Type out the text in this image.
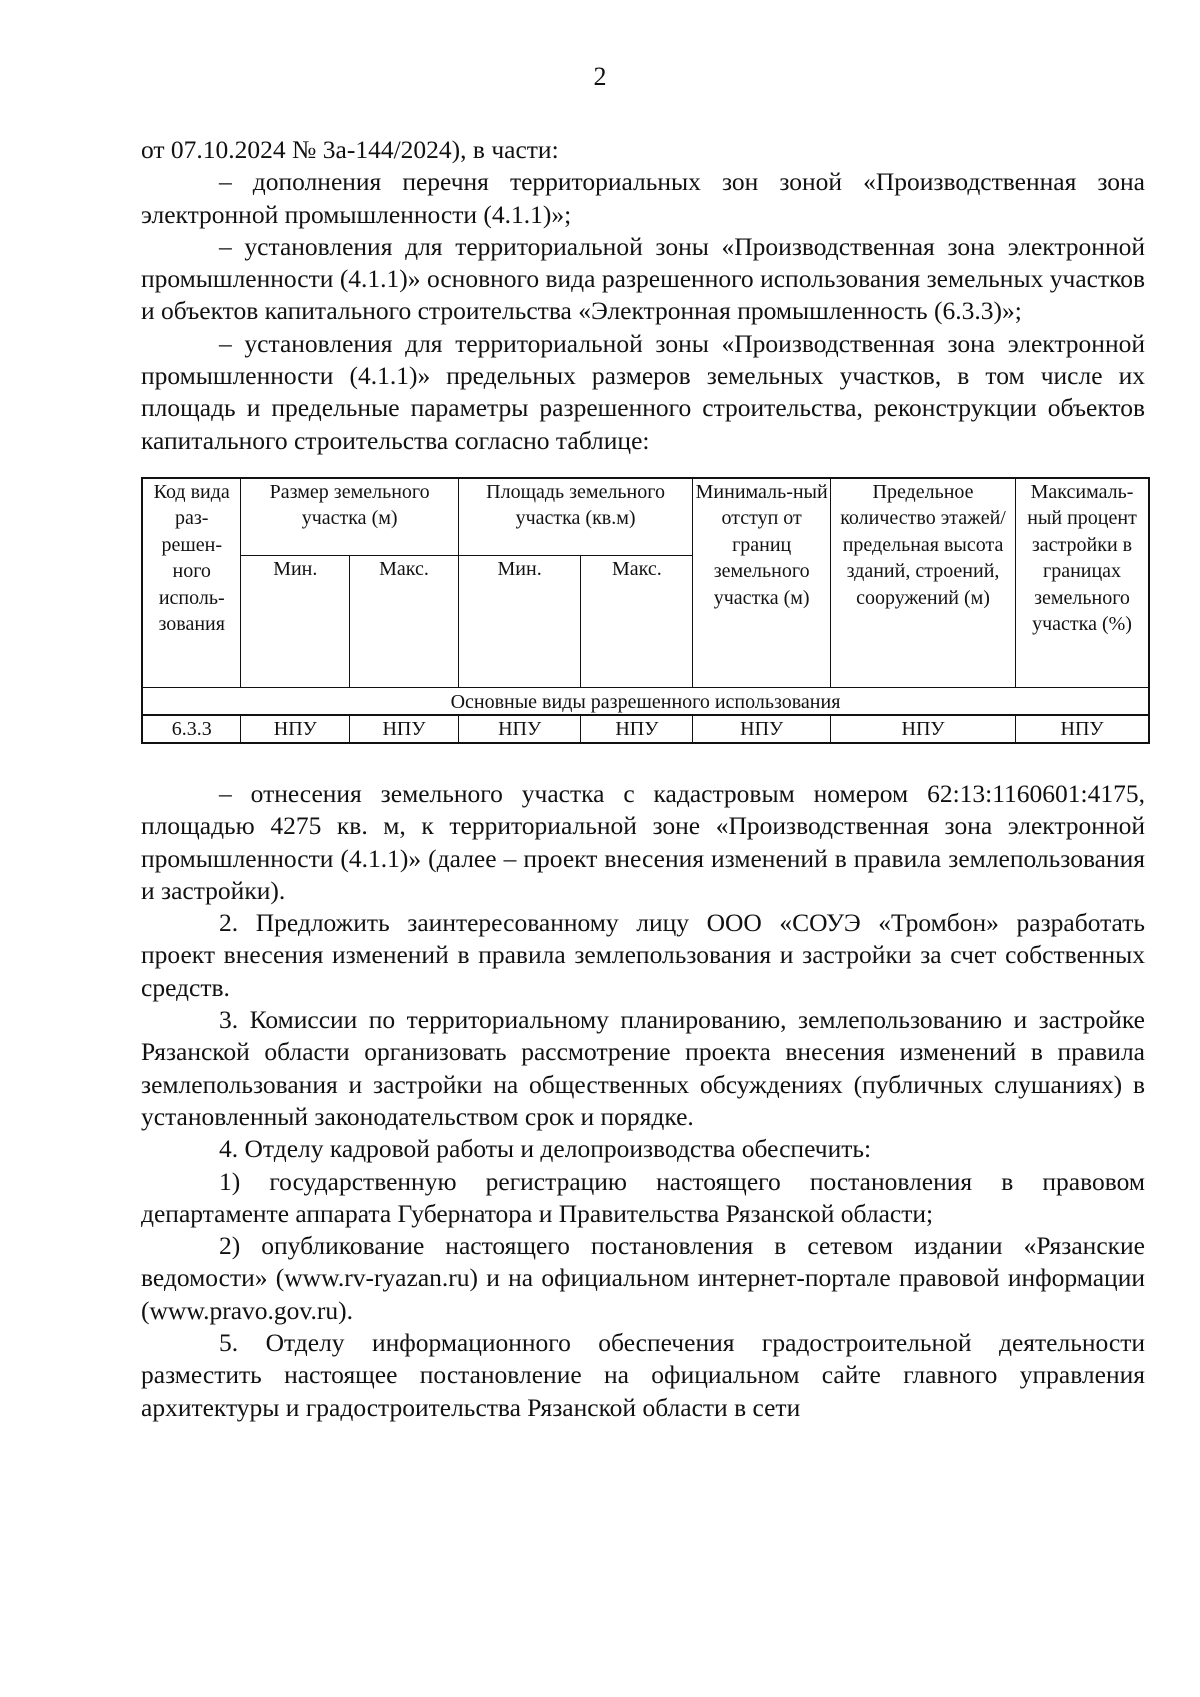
2

от 07.10.2024 № 3а-144/2024), в части:

– дополнения перечня территориальных зон зоной «Производственная зона электронной промышленности (4.1.1)»;

– установления для территориальной зоны «Производственная зона электронной промышленности (4.1.1)» основного вида разрешенного использования земельных участков и объектов капитального строительства «Электронная промышленность (6.3.3)»;

– установления для территориальной зоны «Производственная зона электронной промышленности (4.1.1)» предельных размеров земельных участков, в том числе их площадь и предельные параметры разрешенного строительства, реконструкции объектов капитального строительства согласно таблице:

Код вида раз-решен-ного исполь-зования	Размер земельного участка (м)		Площадь земельного участка (кв.м)		Минималь-ный отступ от границ земельного участка (м)	Предельное количество этажей/ предельная высота зданий, строений, сооружений (м)	Максималь-ный процент застройки в границах земельного участка (%)
	Мин.	Макс.	Мин.	Макс.			
Основные виды разрешенного использования							
6.3.3	НПУ	НПУ	НПУ	НПУ	НПУ	НПУ	НПУ

– отнесения земельного участка с кадастровым номером 62:13:1160601:4175, площадью 4275 кв. м, к территориальной зоне «Производственная зона электронной промышленности (4.1.1)» (далее – проект внесения изменений в правила землепользования и застройки).

2. Предложить заинтересованному лицу ООО «СОУЭ «Тромбон» разработать проект внесения изменений в правила землепользования и застройки за счет собственных средств.

3. Комиссии по территориальному планированию, землепользованию и застройке Рязанской области организовать рассмотрение проекта внесения изменений в правила землепользования и застройки на общественных обсуждениях (публичных слушаниях) в установленный законодательством срок и порядке.

4. Отделу кадровой работы и делопроизводства обеспечить:

1) государственную регистрацию настоящего постановления в правовом департаменте аппарата Губернатора и Правительства Рязанской области;

2) опубликование настоящего постановления в сетевом издании «Рязанские ведомости» (www.rv-ryazan.ru) и на официальном интернет-портале правовой информации (www.pravo.gov.ru).

5. Отделу информационного обеспечения градостроительной деятельности разместить настоящее постановление на официальном сайте главного управления архитектуры и градостроительства Рязанской области в сети
